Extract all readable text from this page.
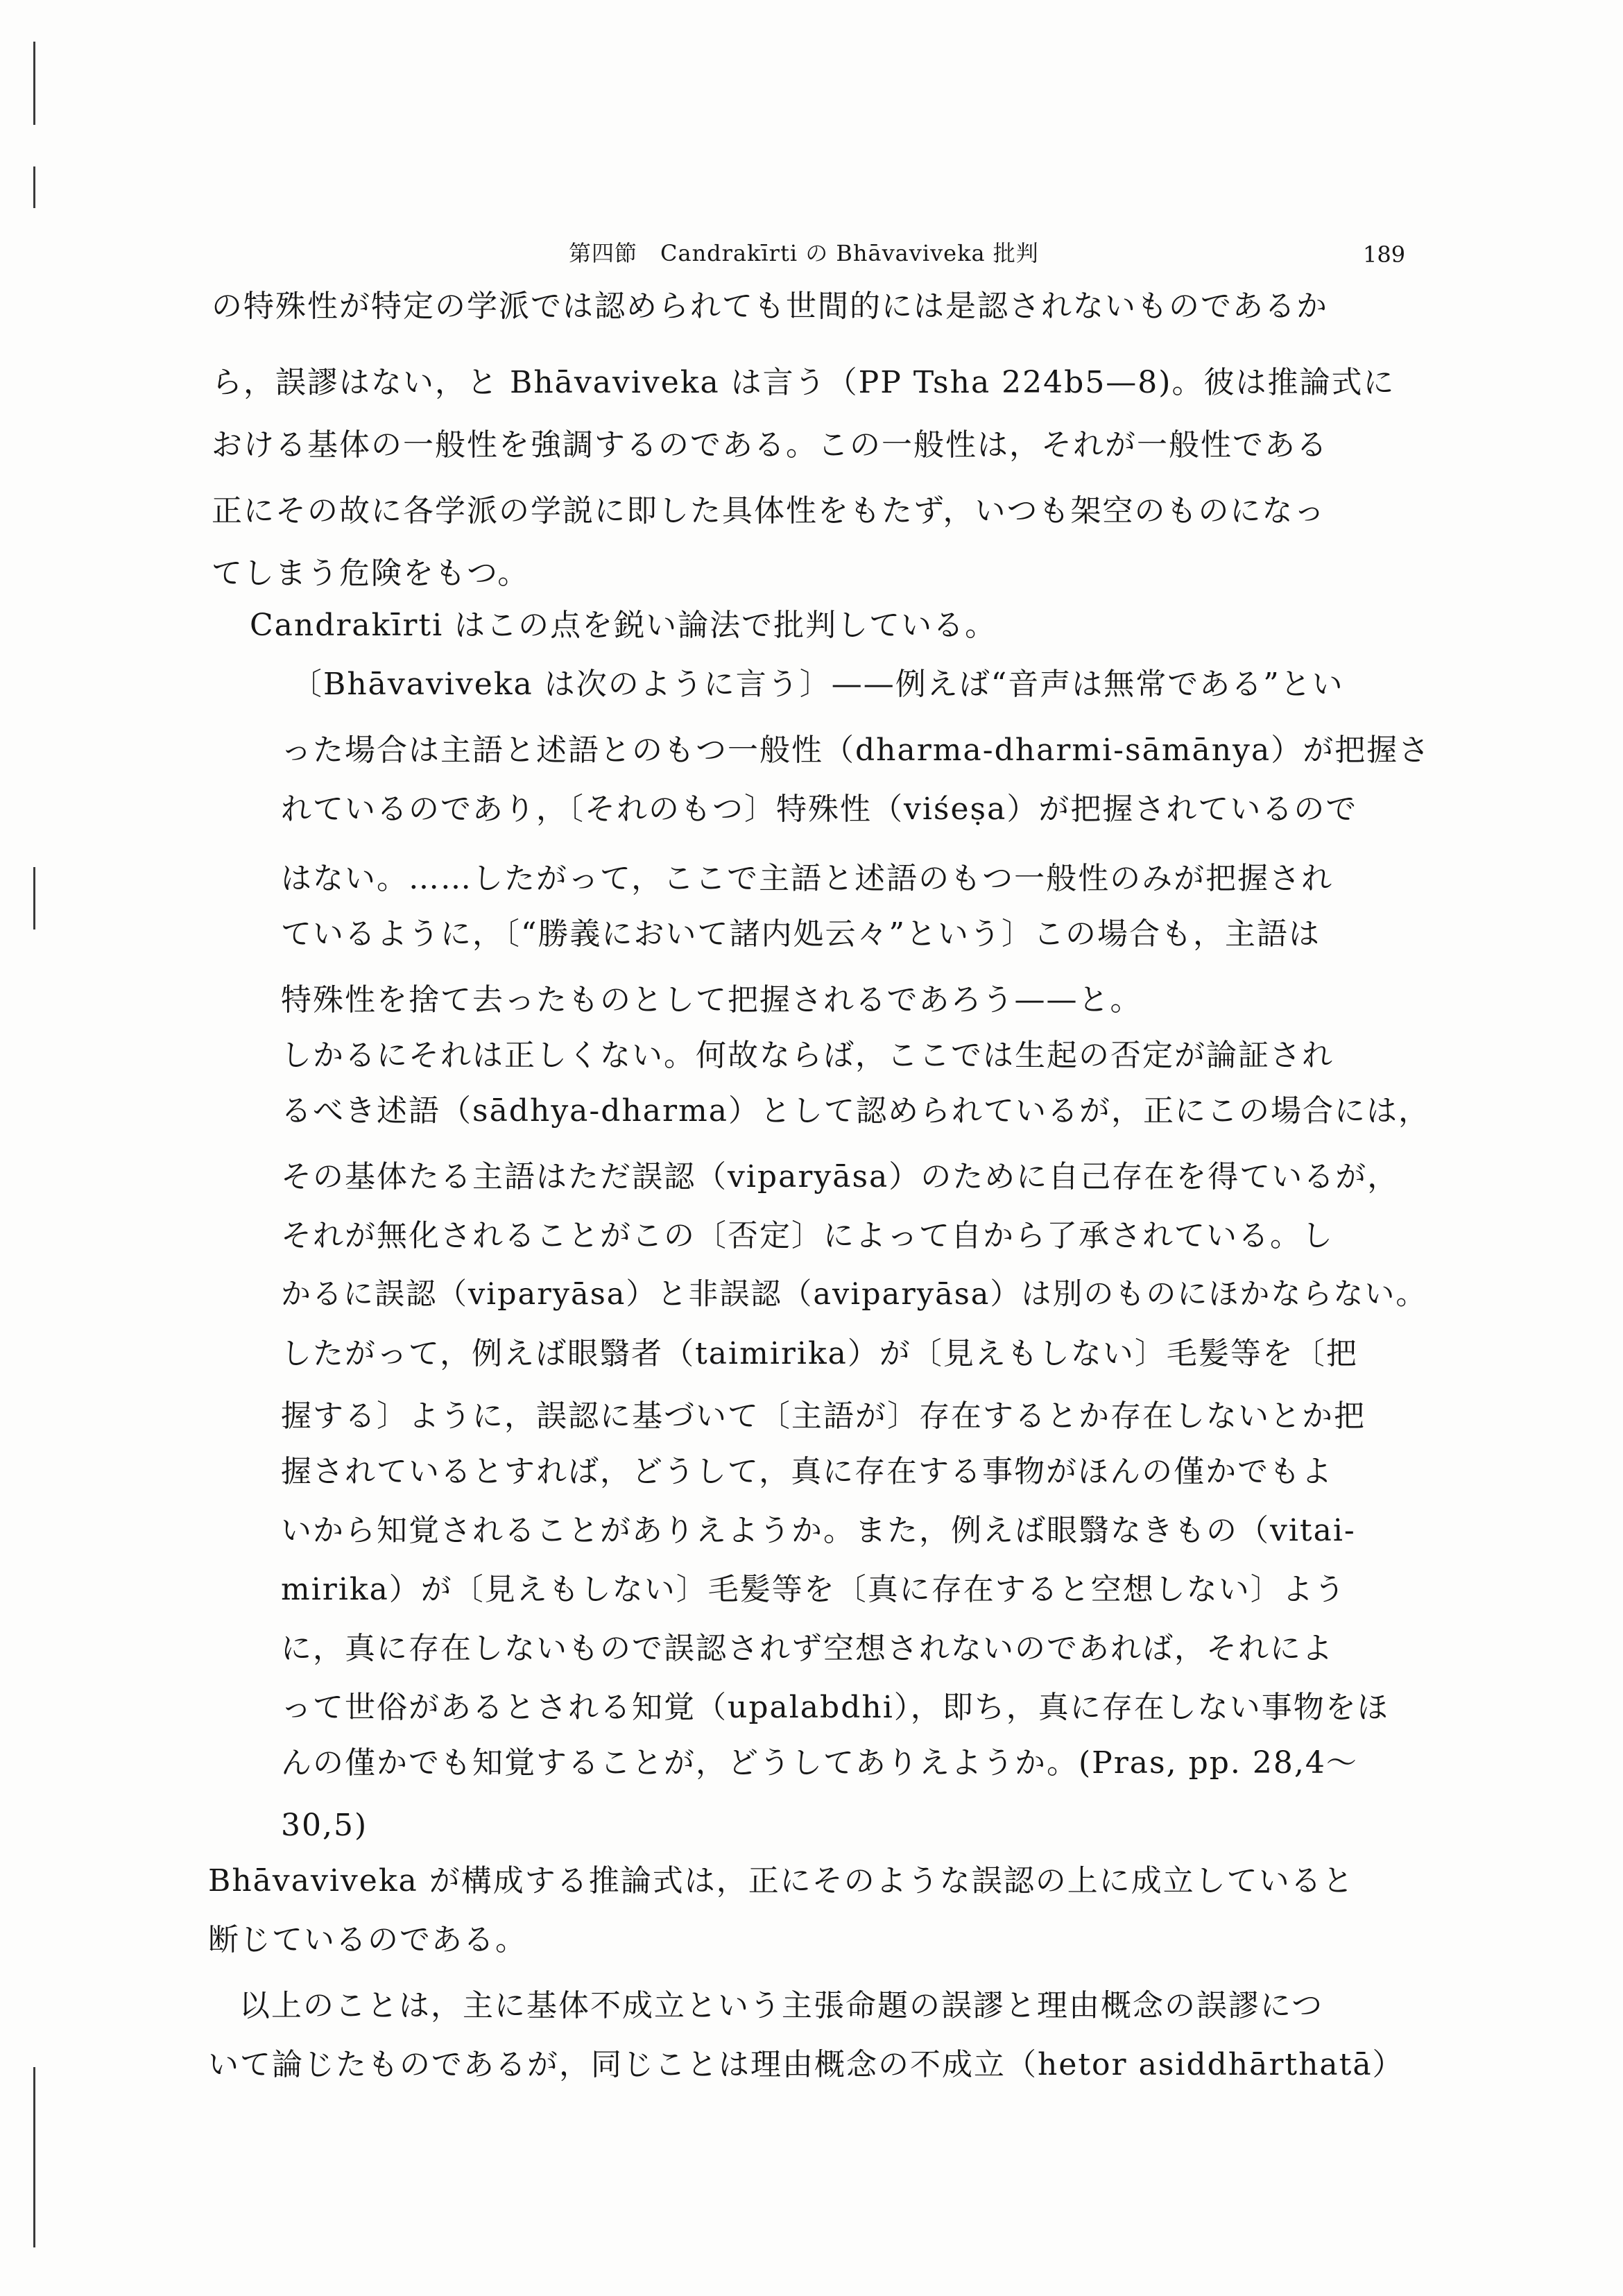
第四節　Candrakīrti の Bhāvaviveka 批判	189
の特殊性が特定の学派では認められても世間的には是認されないものであるか
ら，誤謬はない，と Bhāvaviveka は言う（PP Tsha 224b5—8)。彼は推論式に
おける基体の一般性を強調するのである。この一般性は，それが一般性である
正にその故に各学派の学説に即した具体性をもたず，いつも架空のものになっ
てしまう危険をもつ。
Candrakīrti はこの点を鋭い論法で批判している。
〔Bhāvaviveka は次のように言う〕——例えば“音声は無常である”とい
った場合は主語と述語とのもつ一般性（dharma-dharmi-sāmānya）が把握さ
れているのであり，〔それのもつ〕特殊性（viśeṣa）が把握されているので
はない。……したがって，ここで主語と述語のもつ一般性のみが把握され
ているように，〔“勝義において諸内処云々”という〕この場合も，主語は
特殊性を捨て去ったものとして把握されるであろう——と。
しかるにそれは正しくない。何故ならば，ここでは生起の否定が論証され
るべき述語（sādhya-dharma）として認められているが，正にこの場合には，
その基体たる主語はただ誤認（viparyāsa）のために自己存在を得ているが，
それが無化されることがこの〔否定〕によって自から了承されている。し
かるに誤認（viparyāsa）と非誤認（aviparyāsa）は別のものにほかならない。
したがって，例えば眼翳者（taimirika）が〔見えもしない〕毛髪等を〔把
握する〕ように，誤認に基づいて〔主語が〕存在するとか存在しないとか把
握されているとすれば，どうして，真に存在する事物がほんの僅かでもよ
いから知覚されることがありえようか。また，例えば眼翳なきもの（vitai-
mirika）が〔見えもしない〕毛髪等を〔真に存在すると空想しない〕よう
に，真に存在しないもので誤認されず空想されないのであれば，それによ
って世俗があるとされる知覚（upalabdhi），即ち，真に存在しない事物をほ
んの僅かでも知覚することが，どうしてありえようか。(Pras, pp. 28,4〜
30,5)
Bhāvaviveka が構成する推論式は，正にそのような誤認の上に成立していると
断じているのである。
以上のことは，主に基体不成立という主張命題の誤謬と理由概念の誤謬につ
いて論じたものであるが，同じことは理由概念の不成立（hetor asiddhārthatā）
